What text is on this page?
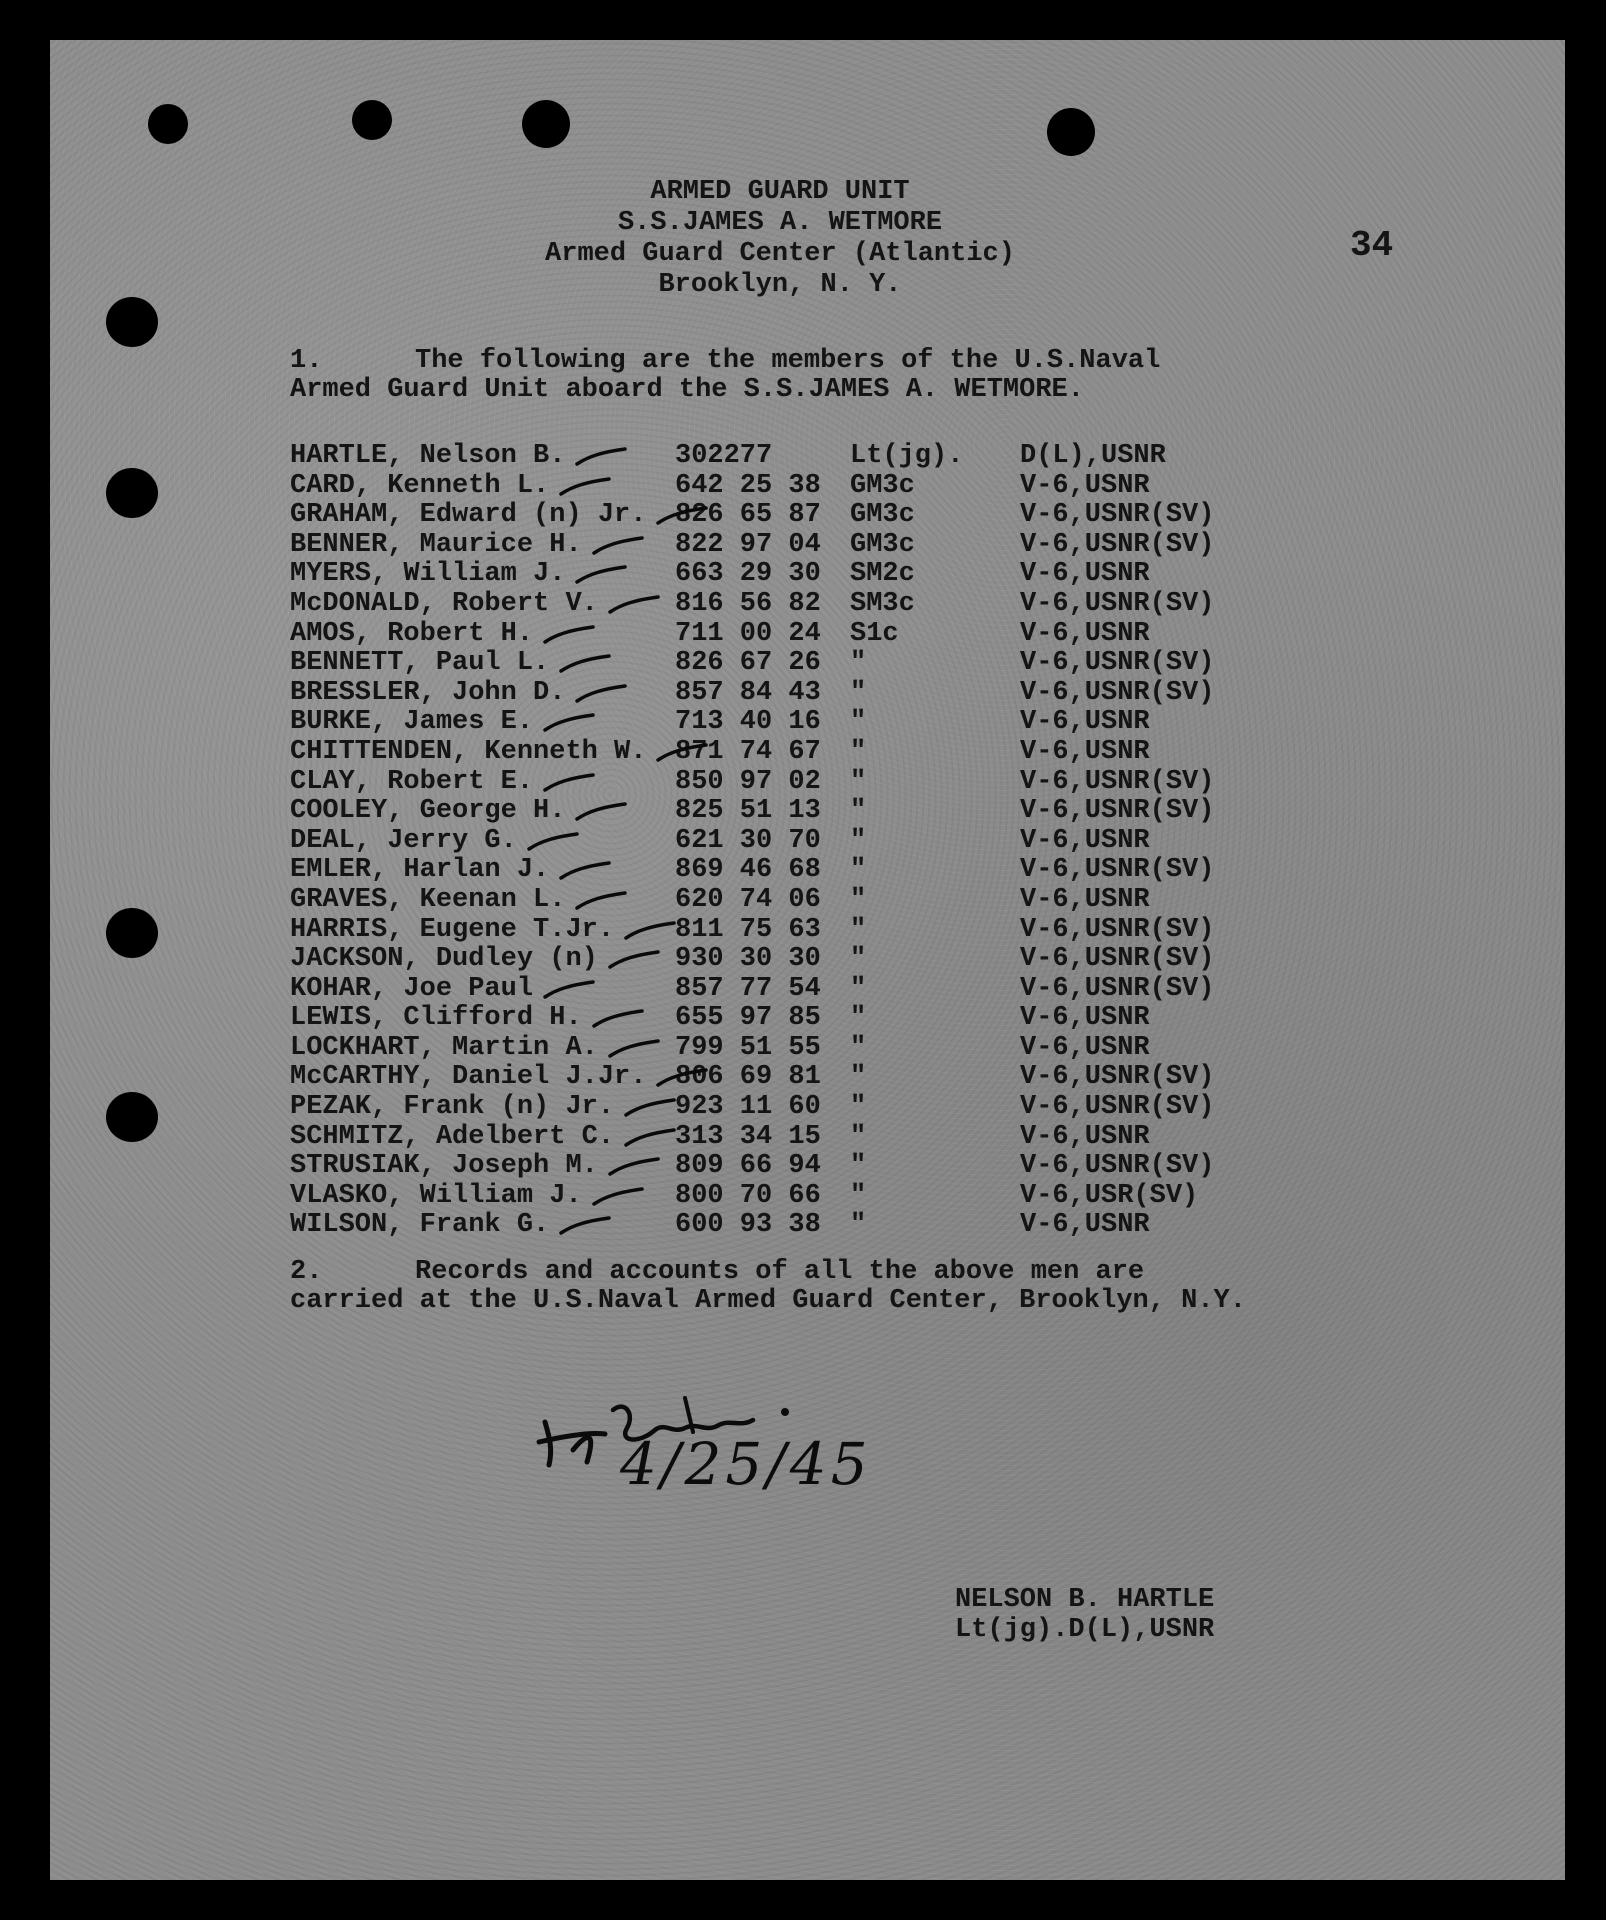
ARMED GUARD UNIT
S.S.JAMES A. WETMORE
Armed Guard Center (Atlantic)
Brooklyn, N. Y.
34
1.	The following are the members of the U.S.Naval
Armed Guard Unit aboard the S.S.JAMES A. WETMORE.
HARTLE, Nelson B.	302277	Lt(jg). D(L),USNR
CARD, Kenneth L.	642 25 38 GM3c	V-6,USNR
GRAHAM, Edward (n) Jr. 826 65 87 GM3c	V-6,USNR(SV)
BENNER, Maurice H.	822 97 04 GM3c	V-6,USNR(SV)
MYERS, William J.	663 29 30 SM2c	V-6,USNR
McDONALD, Robert V.	816 56 82 SM3c	V-6,USNR(SV)
AMOS, Robert H.	711 00 24 S1c	V-6,USNR
BENNETT, Paul L.	826 67 26 "	V-6,USNR(SV)
BRESSLER, John D.	857 84 43 "	V-6,USNR(SV)
BURKE, James E.	713 40 16 "	V-6,USNR
CHITTENDEN, Kenneth W. 871 74 67 "	V-6,USNR
CLAY, Robert E.	850 97 02 "	V-6,USNR(SV)
COOLEY, George H.	825 51 13 "	V-6,USNR(SV)
DEAL, Jerry G.	621 30 70 "	V-6,USNR
EMLER, Harlan J.	869 46 68 "	V-6,USNR(SV)
GRAVES, Keenan L.	620 74 06 "	V-6,USNR
HARRIS, Eugene T.Jr. 811 75 63 "	V-6,USNR(SV)
JACKSON, Dudley (n)	930 30 30 "	V-6,USNR(SV)
KOHAR, Joe Paul	857 77 54 "	V-6,USNR(SV)
LEWIS, Clifford H.	655 97 85 "	V-6,USNR
LOCKHART, Martin A.	799 51 55 "	V-6,USNR
McCARTHY, Daniel J.Jr. 806 69 81 "	V-6,USNR(SV)
PEZAK, Frank (n) Jr. 923 11 60 "	V-6,USNR(SV)
SCHMITZ, Adelbert C. 313 34 15 "	V-6,USNR
STRUSIAK, Joseph M.	809 66 94 "	V-6,USNR(SV)
VLASKO, William J.	800 70 66 "	V-6,USR(SV)
WILSON, Frank G.	600 93 38 "	V-6,USNR
2.	Records and accounts of all the above men are
carried at the U.S.Naval Armed Guard Center, Brooklyn, N.Y.
4/25/45
NELSON B. HARTLE
Lt(jg).D(L),USNR
